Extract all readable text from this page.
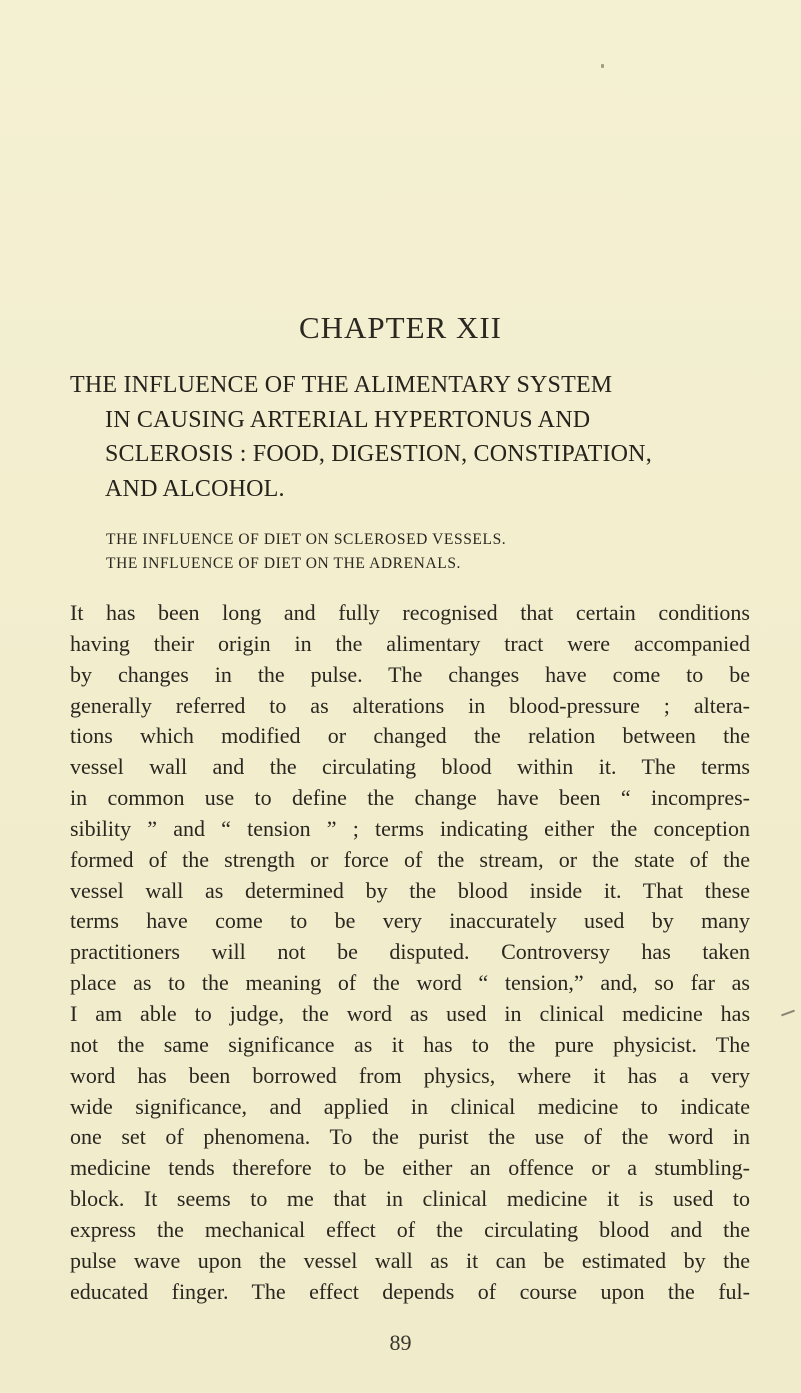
CHAPTER XII
THE INFLUENCE OF THE ALIMENTARY SYSTEM
IN CAUSING ARTERIAL HYPERTONUS AND
SCLEROSIS : FOOD, DIGESTION, CONSTIPATION,
AND ALCOHOL.
THE INFLUENCE OF DIET ON SCLEROSED VESSELS.
THE INFLUENCE OF DIET ON THE ADRENALS.
It has been long and fully recognised that certain conditions
having their origin in the alimentary tract were accompanied
by changes in the pulse. The changes have come to be
generally referred to as alterations in blood-pressure ; altera-
tions which modified or changed the relation between the
vessel wall and the circulating blood within it. The terms
in common use to define the change have been “ incompres-
sibility ” and “ tension ” ; terms indicating either the conception
formed of the strength or force of the stream, or the state of the
vessel wall as determined by the blood inside it. That these
terms have come to be very inaccurately used by many
practitioners will not be disputed. Controversy has taken
place as to the meaning of the word “ tension,” and, so far as
I am able to judge, the word as used in clinical medicine has
not the same significance as it has to the pure physicist. The
word has been borrowed from physics, where it has a very
wide significance, and applied in clinical medicine to indicate
one set of phenomena. To the purist the use of the word in
medicine tends therefore to be either an offence or a stumbling-
block. It seems to me that in clinical medicine it is used to
express the mechanical effect of the circulating blood and the
pulse wave upon the vessel wall as it can be estimated by the
educated finger. The effect depends of course upon the ful-
89
